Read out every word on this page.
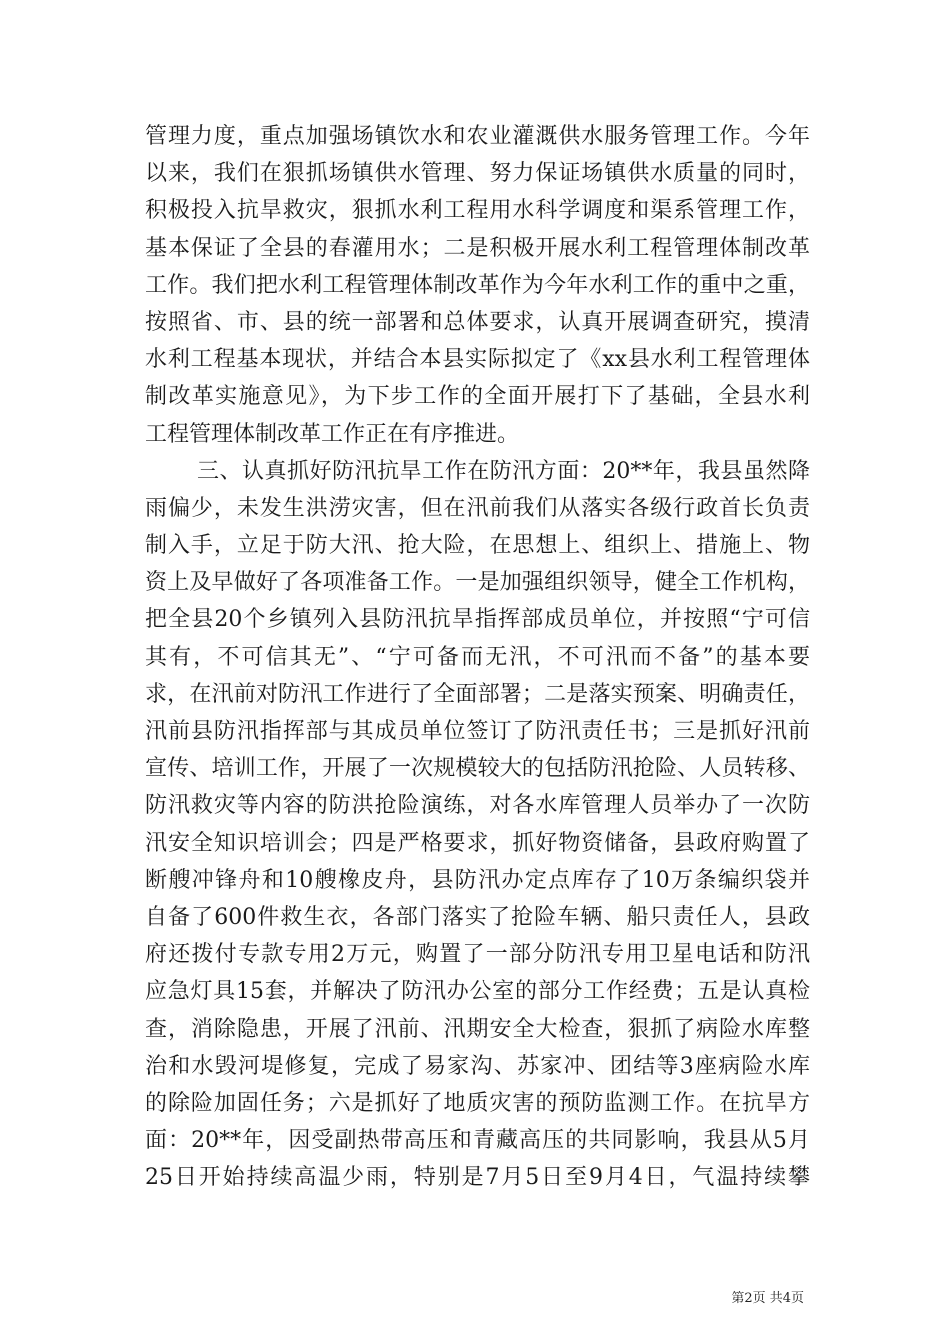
管理力度，重点加强场镇饮水和农业灌溉供水服务管理工作。今年
以来，我们在狠抓场镇供水管理、努力保证场镇供水质量的同时，
积极投入抗旱救灾，狠抓水利工程用水科学调度和渠系管理工作，
基本保证了全县的春灌用水；二是积极开展水利工程管理体制改革
工作。我们把水利工程管理体制改革作为今年水利工作的重中之重，
按照省、市、县的统一部署和总体要求，认真开展调查研究，摸清
水利工程基本现状，并结合本县实际拟定了《xx县水利工程管理体
制改革实施意见》，为下步工作的全面开展打下了基础，全县水利
工程管理体制改革工作正在有序推进。
三、认真抓好防汛抗旱工作在防汛方面：20**年，我县虽然降
雨偏少，未发生洪涝灾害，但在汛前我们从落实各级行政首长负责
制入手，立足于防大汛、抢大险，在思想上、组织上、措施上、物
资上及早做好了各项准备工作。一是加强组织领导，健全工作机构，
把全县20个乡镇列入县防汛抗旱指挥部成员单位，并按照“宁可信
其有，不可信其无”、“宁可备而无汛，不可汛而不备”的基本要
求，在汛前对防汛工作进行了全面部署；二是落实预案、明确责任，
汛前县防汛指挥部与其成员单位签订了防汛责任书；三是抓好汛前
宣传、培训工作，开展了一次规模较大的包括防汛抢险、人员转移、
防汛救灾等内容的防洪抢险演练，对各水库管理人员举办了一次防
汛安全知识培训会；四是严格要求，抓好物资储备，县政府购置了
断艘冲锋舟和10艘橡皮舟，县防汛办定点库存了10万条编织袋并
自备了600件救生衣，各部门落实了抢险车辆、船只责任人，县政
府还拨付专款专用2万元，购置了一部分防汛专用卫星电话和防汛
应急灯具15套，并解决了防汛办公室的部分工作经费；五是认真检
查，消除隐患，开展了汛前、汛期安全大检查，狠抓了病险水库整
治和水毁河堤修复，完成了易家沟、苏家冲、团结等3座病险水库
的除险加固任务；六是抓好了地质灾害的预防监测工作。在抗旱方
面：20**年，因受副热带高压和青藏高压的共同影响，我县从5月
25日开始持续高温少雨，特别是7月5日至9月4日，气温持续攀
第2页 共4页
